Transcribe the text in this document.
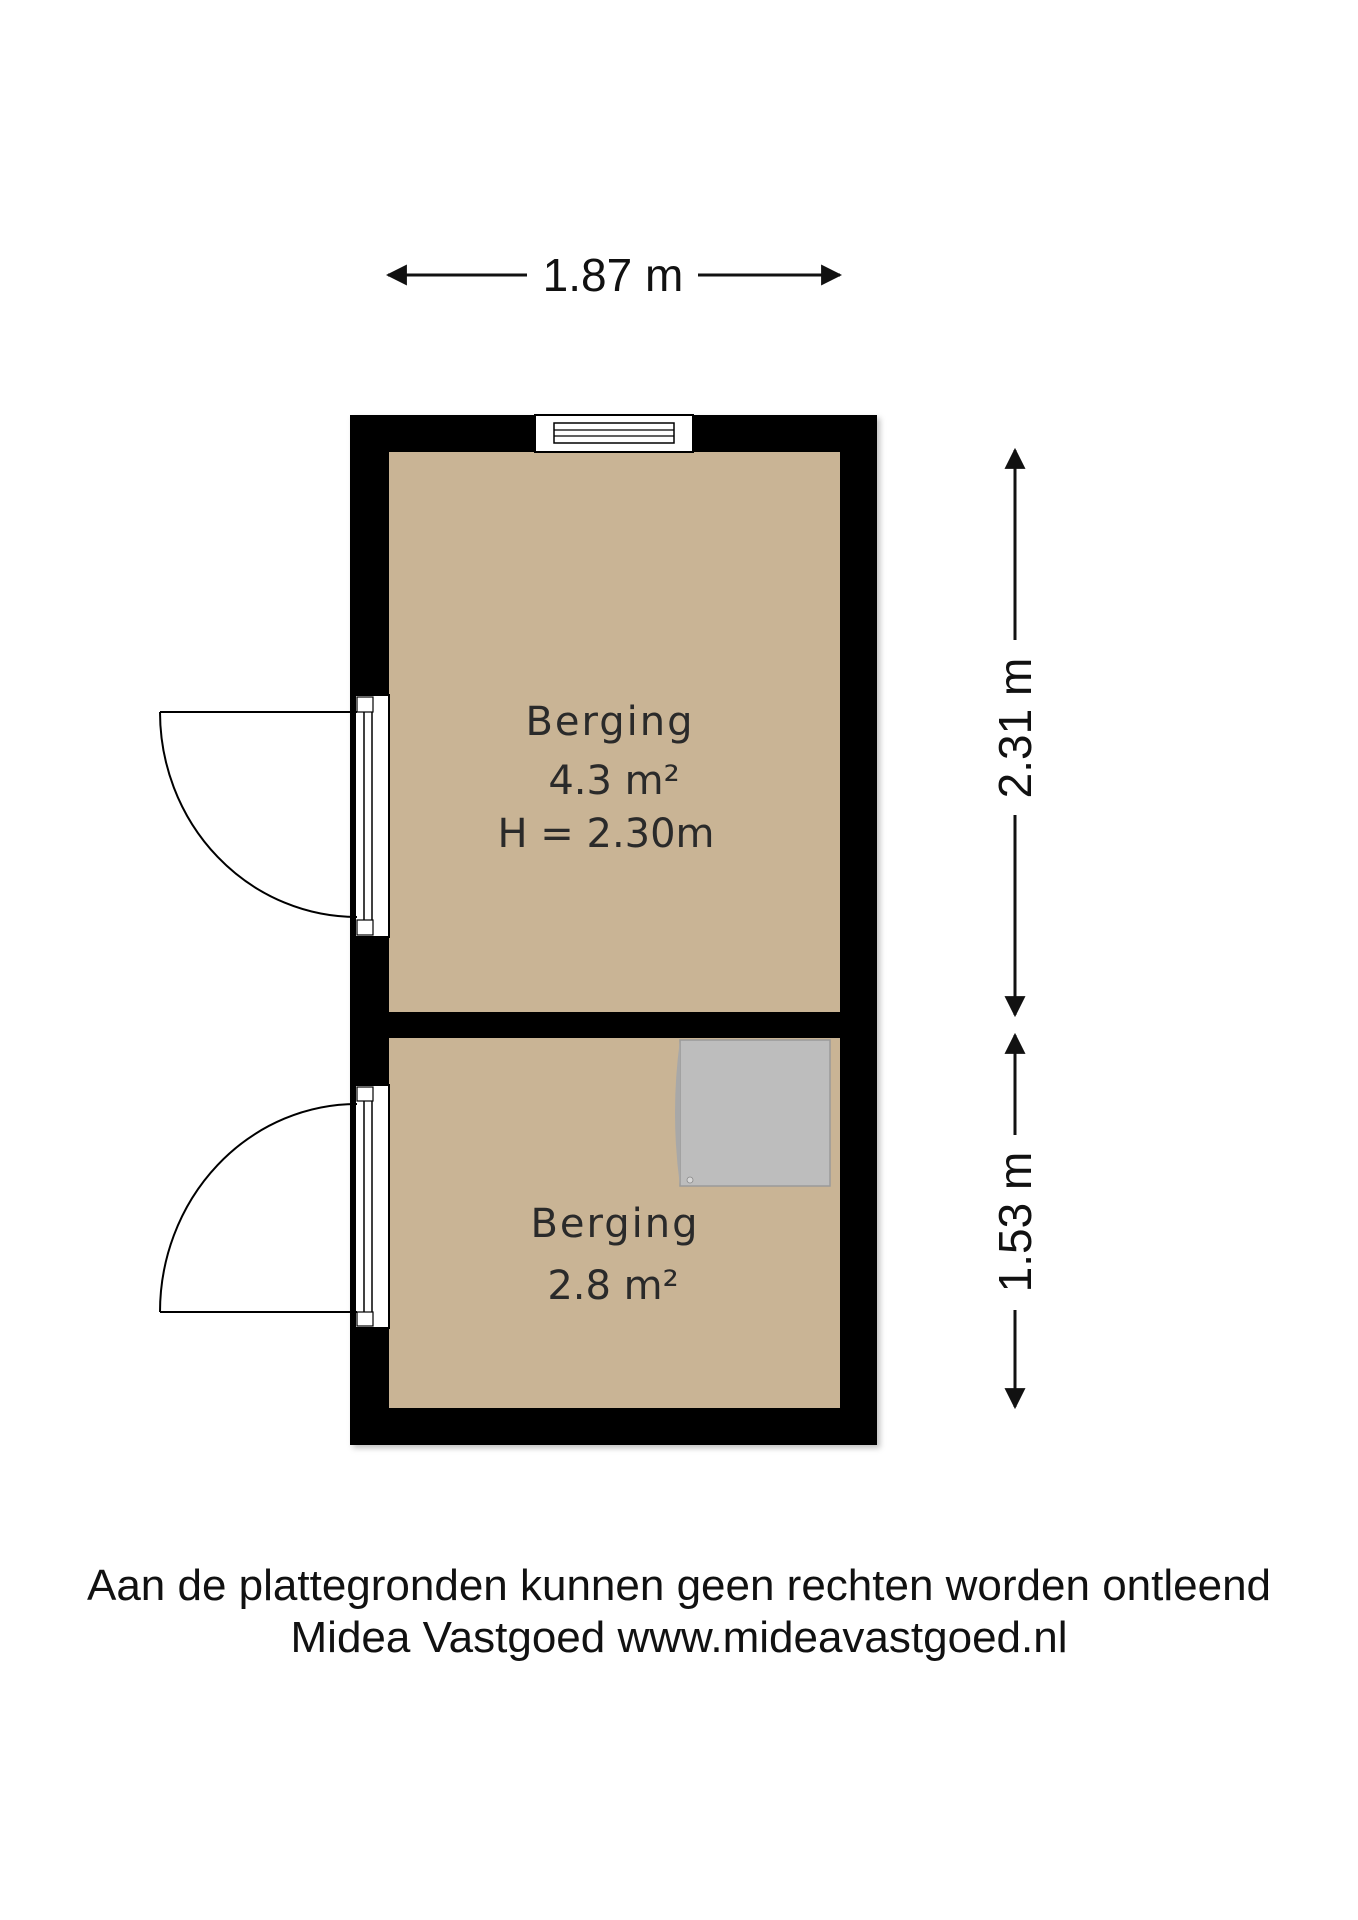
1.87 m
2.31 m
1.53 m
Berging
4.3 m²
H = 2.30m
Berging
2.8 m²
Aan de plattegronden kunnen geen rechten worden ontleend
Midea Vastgoed www.mideavastgoed.nl
